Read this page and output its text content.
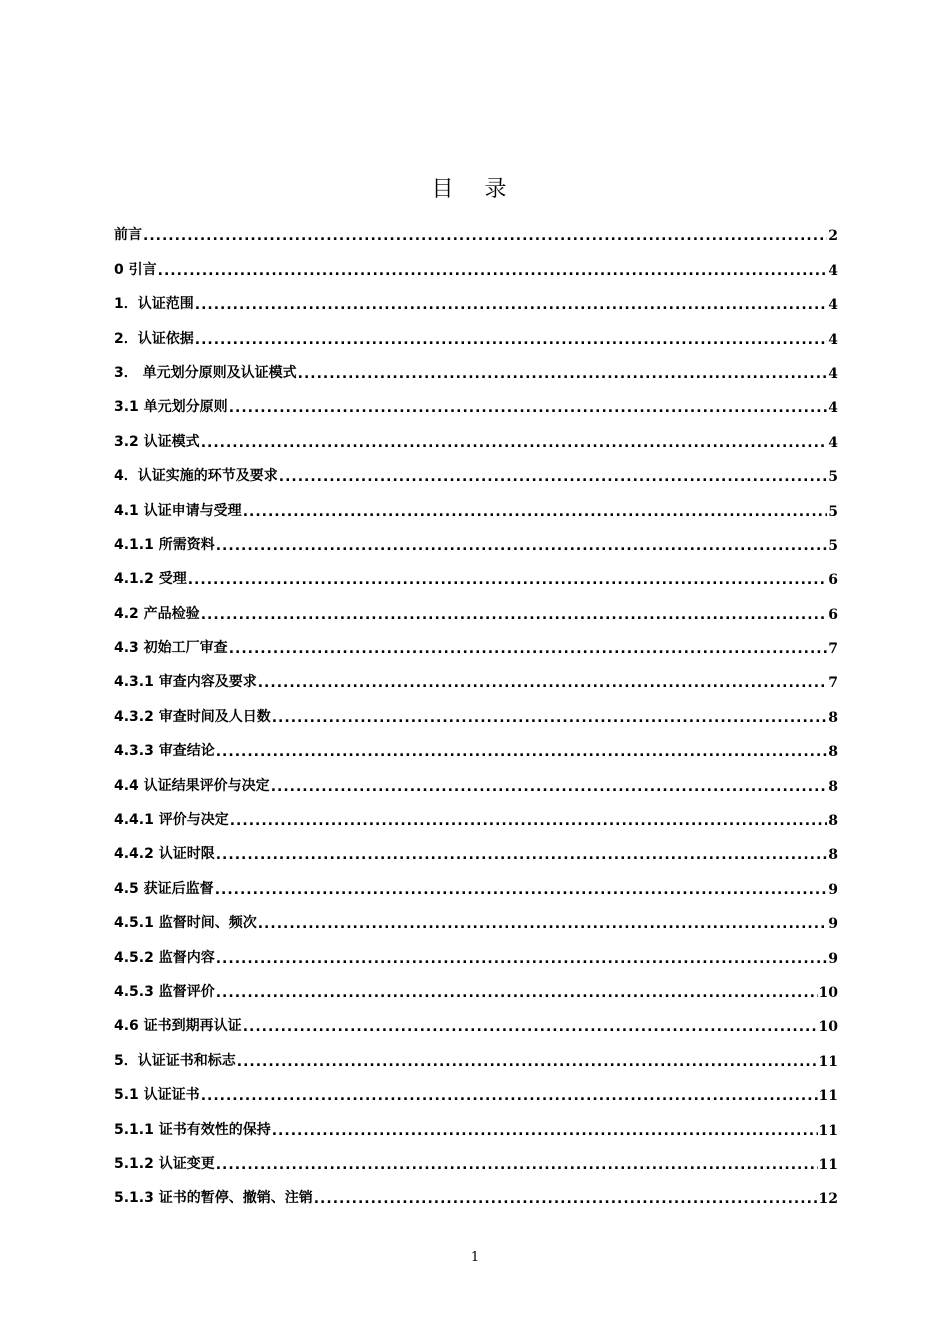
目 录
前言 .....	2
0 引言 .....	4
1．认证范围 .....	4
2．认证依据 .....	4
3． 单元划分原则及认证模式 .....	4
3.1 单元划分原则 .....	4
3.2 认证模式 .....	4
4．认证实施的环节及要求 .....	5
4.1 认证申请与受理 .....	5
4.1.1 所需资料 .....	5
4.1.2 受理 .....	6
4.2 产品检验 .....	6
4.3 初始工厂审查 .....	7
4.3.1 审查内容及要求 .....	7
4.3.2 审查时间及人日数 .....	8
4.3.3 审查结论 .....	8
4.4 认证结果评价与决定 .....	8
4.4.1 评价与决定 .....	8
4.4.2 认证时限 .....	8
4.5 获证后监督 .....	9
4.5.1 监督时间、频次 .....	9
4.5.2 监督内容 .....	9
4.5.3 监督评价 .....	10
4.6 证书到期再认证 .....	10
5．认证证书和标志 .....	11
5.1 认证证书 .....	11
5.1.1 证书有效性的保持 .....	11
5.1.2 认证变更 .....	11
5.1.3 证书的暂停、撤销、注销 .....	12
1
